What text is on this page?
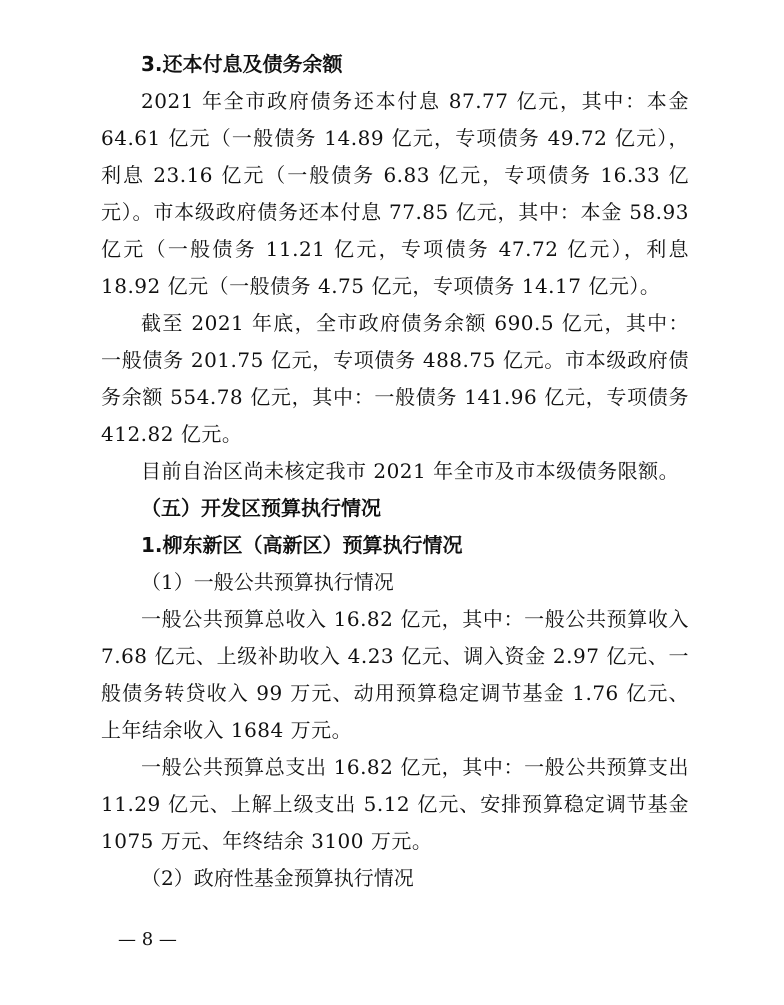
3.还本付息及债务余额

2021 年全市政府债务还本付息 87.77 亿元，其中：本金 64.61 亿元（一般债务 14.89 亿元，专项债务 49.72 亿元），利息 23.16 亿元（一般债务 6.83 亿元，专项债务 16.33 亿元）。市本级政府债务还本付息 77.85 亿元，其中：本金 58.93 亿元（一般债务 11.21 亿元，专项债务 47.72 亿元），利息 18.92 亿元（一般债务 4.75 亿元，专项债务 14.17 亿元）。

截至 2021 年底，全市政府债务余额 690.5 亿元，其中：一般债务 201.75 亿元，专项债务 488.75 亿元。市本级政府债务余额 554.78 亿元，其中：一般债务 141.96 亿元，专项债务 412.82 亿元。

目前自治区尚未核定我市 2021 年全市及市本级债务限额。

（五）开发区预算执行情况

1.柳东新区（高新区）预算执行情况

（1）一般公共预算执行情况

一般公共预算总收入 16.82 亿元，其中：一般公共预算收入 7.68 亿元、上级补助收入 4.23 亿元、调入资金 2.97 亿元、一般债务转贷收入 99 万元、动用预算稳定调节基金 1.76 亿元、上年结余收入 1684 万元。

一般公共预算总支出 16.82 亿元，其中：一般公共预算支出 11.29 亿元、上解上级支出 5.12 亿元、安排预算稳定调节基金 1075 万元、年终结余 3100 万元。

（2）政府性基金预算执行情况

— 8 —
